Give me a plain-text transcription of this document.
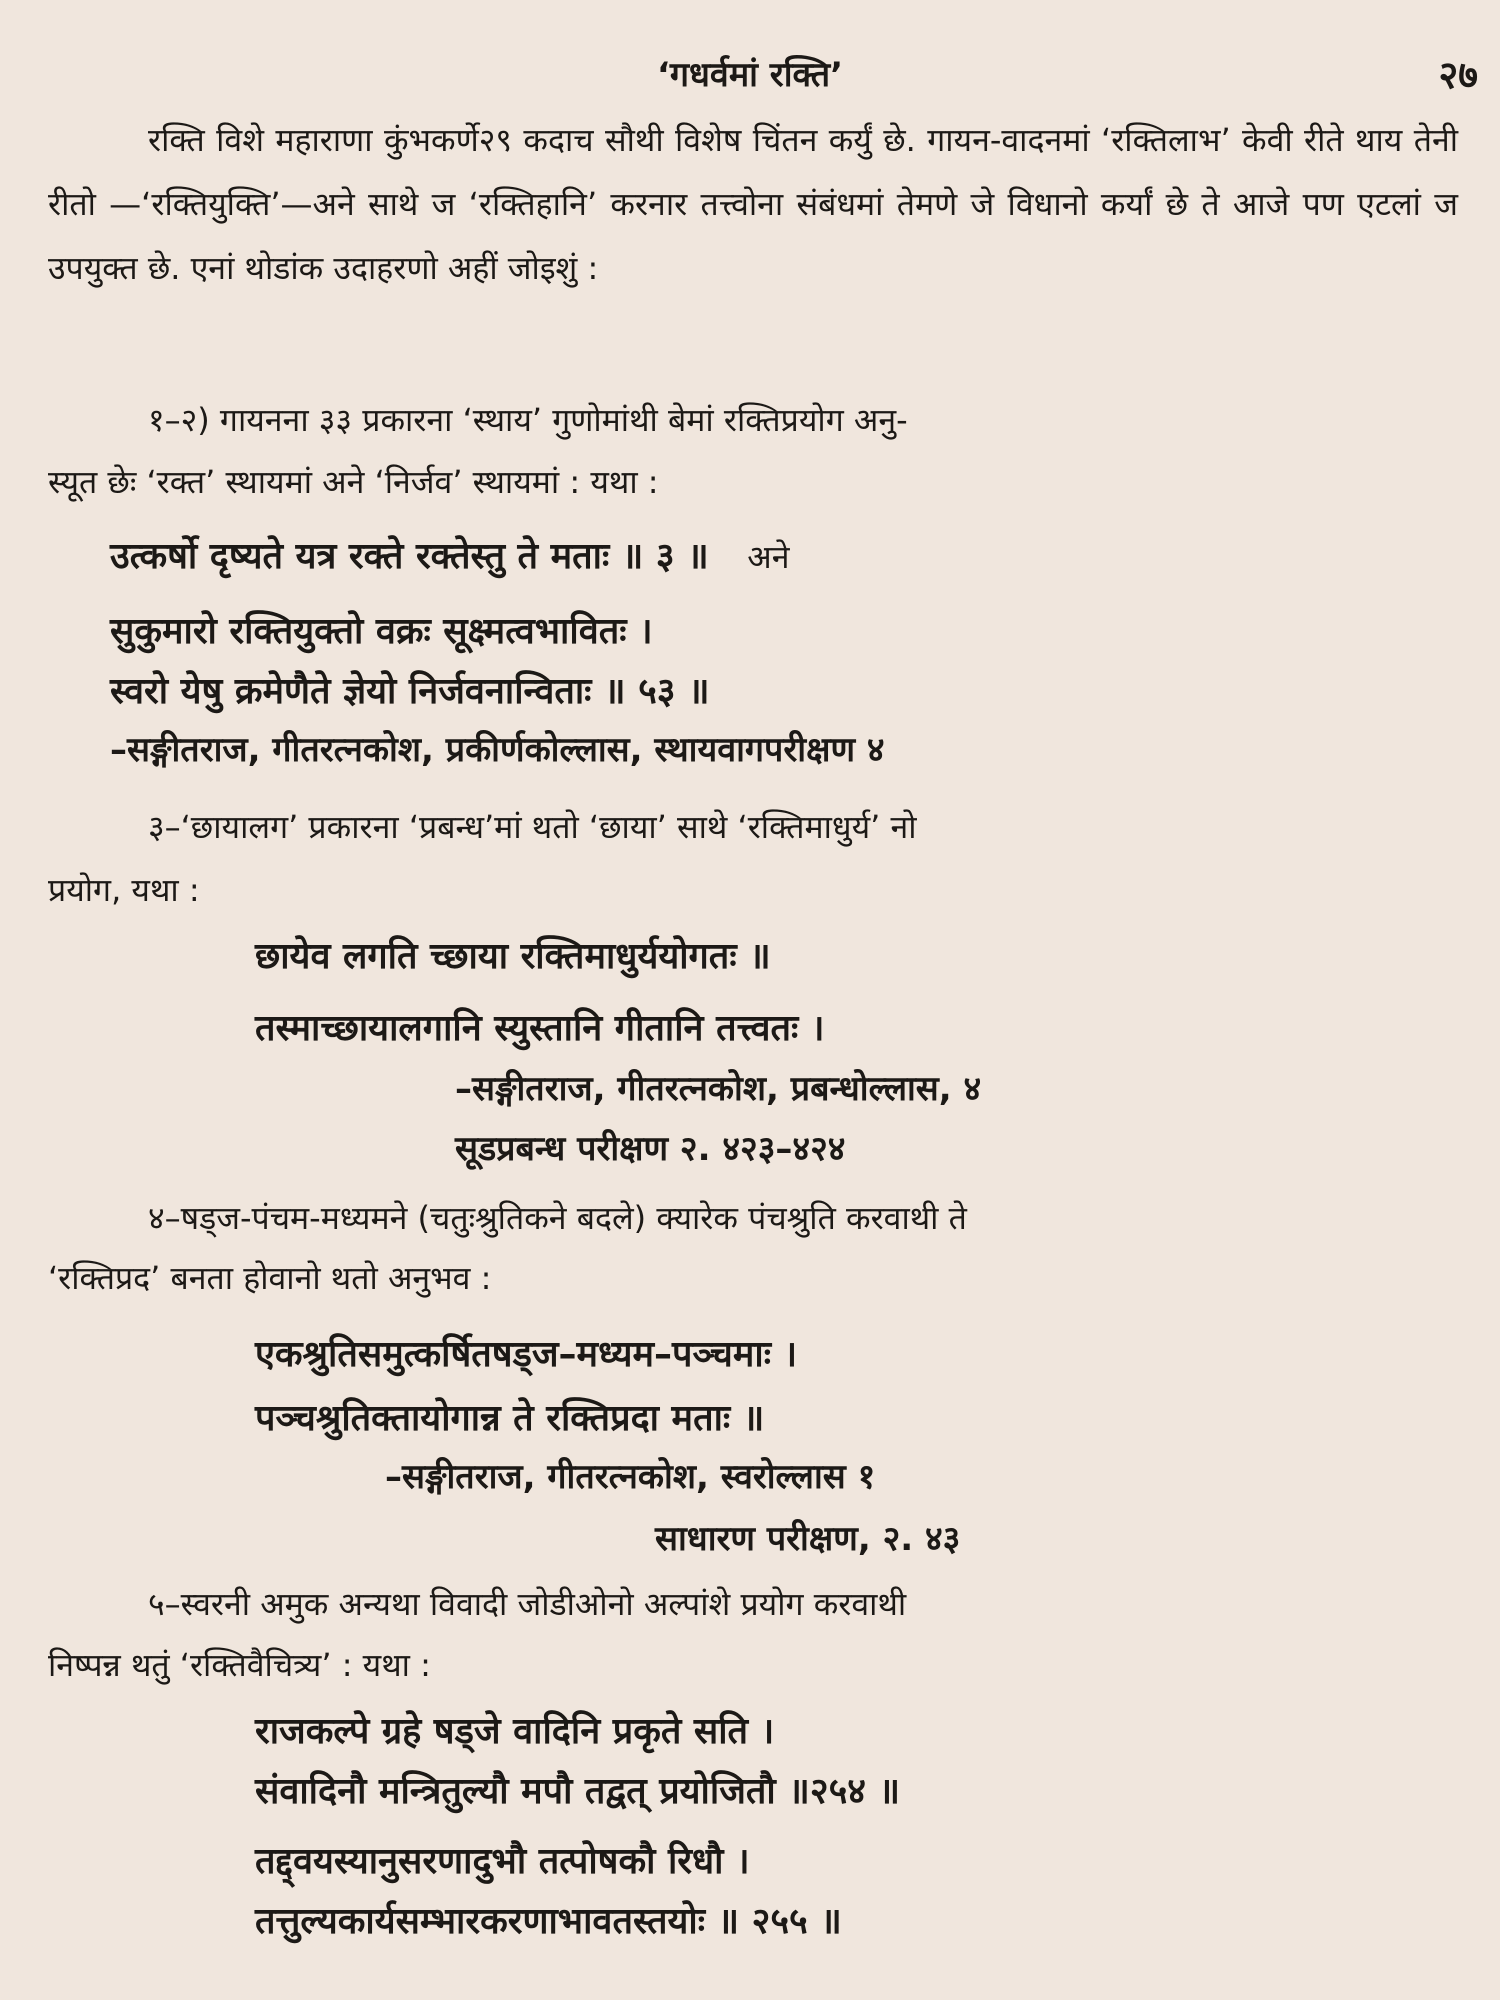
‘गधर्वमां रक्ति’	२७

रक्ति विशे महाराणा कुंभकर्णे२९ कदाच सौथी विशेष चिंतन कर्युं छे. गायन-वादनमां ‘रक्तिलाभ’ केवी रीते थाय तेनी रीतो —‘रक्तियुक्ति’—अने साथे ज ‘रक्तिहानि’ करनार तत्त्वोना संबंधमां तेमणे जे विधानो कर्यां छे ते आजे पण एटलां ज उपयुक्त छे. एनां थोडांक उदाहरणो अहीं जोइशुं :

१–२) गायनना ३३ प्रकारना ‘स्थाय’ गुणोमांथी बेमां रक्तिप्रयोग अनु-
स्यूत छेः ‘रक्त’ स्थायमां अने ‘निर्जव’ स्थायमां : यथा :
उत्कर्षो दृष्यते यत्र रक्ते रक्तेस्तु ते मताः ॥ ३ ॥ अने
सुकुमारो रक्तियुक्तो वक्रः सूक्ष्मत्वभावितः ।
स्वरो येषु क्रमेणैते ज्ञेयो निर्जवनान्विताः ॥ ५३ ॥
–सङ्गीतराज, गीतरत्नकोश, प्रकीर्णकोल्लास, स्थायवागपरीक्षण ४
३–‘छायालग’ प्रकारना ‘प्रबन्ध’मां थतो ‘छाया’ साथे ‘रक्तिमाधुर्य’ नो
प्रयोग, यथा :
छायेव लगति च्छाया रक्तिमाधुर्ययोगतः ॥
तस्माच्छायालगानि स्युस्तानि गीतानि तत्त्वतः ।
–सङ्गीतराज, गीतरत्नकोश, प्रबन्धोल्लास, ४
सूडप्रबन्ध परीक्षण २. ४२३–४२४
४–षड्ज-पंचम-मध्यमने (चतुःश्रुतिकने बदले) क्यारेक पंचश्रुति करवाथी ते
‘रक्तिप्रद’ बनता होवानो थतो अनुभव :
एकश्रुतिसमुत्कर्षितषड्ज–मध्यम–पञ्चमाः ।
पञ्चश्रुतिक्तायोगान्न ते रक्तिप्रदा मताः ॥
–सङ्गीतराज, गीतरत्नकोश, स्वरोल्लास १
साधारण परीक्षण, २. ४३
५–स्वरनी अमुक अन्यथा विवादी जोडीओनो अल्पांशे प्रयोग करवाथी
निष्पन्न थतुं ‘रक्तिवैचित्र्य’ : यथा :
राजकल्पे ग्रहे षड्जे वादिनि प्रकृते सति ।
संवादिनौ मन्त्रितुल्यौ मपौ तद्वत् प्रयोजितौ ॥२५४ ॥
तद्द्वयस्यानुसरणादुभौ तत्पोषकौ रिधौ ।
तत्तुल्यकार्यसम्भारकरणाभावतस्तयोः ॥ २५५ ॥
